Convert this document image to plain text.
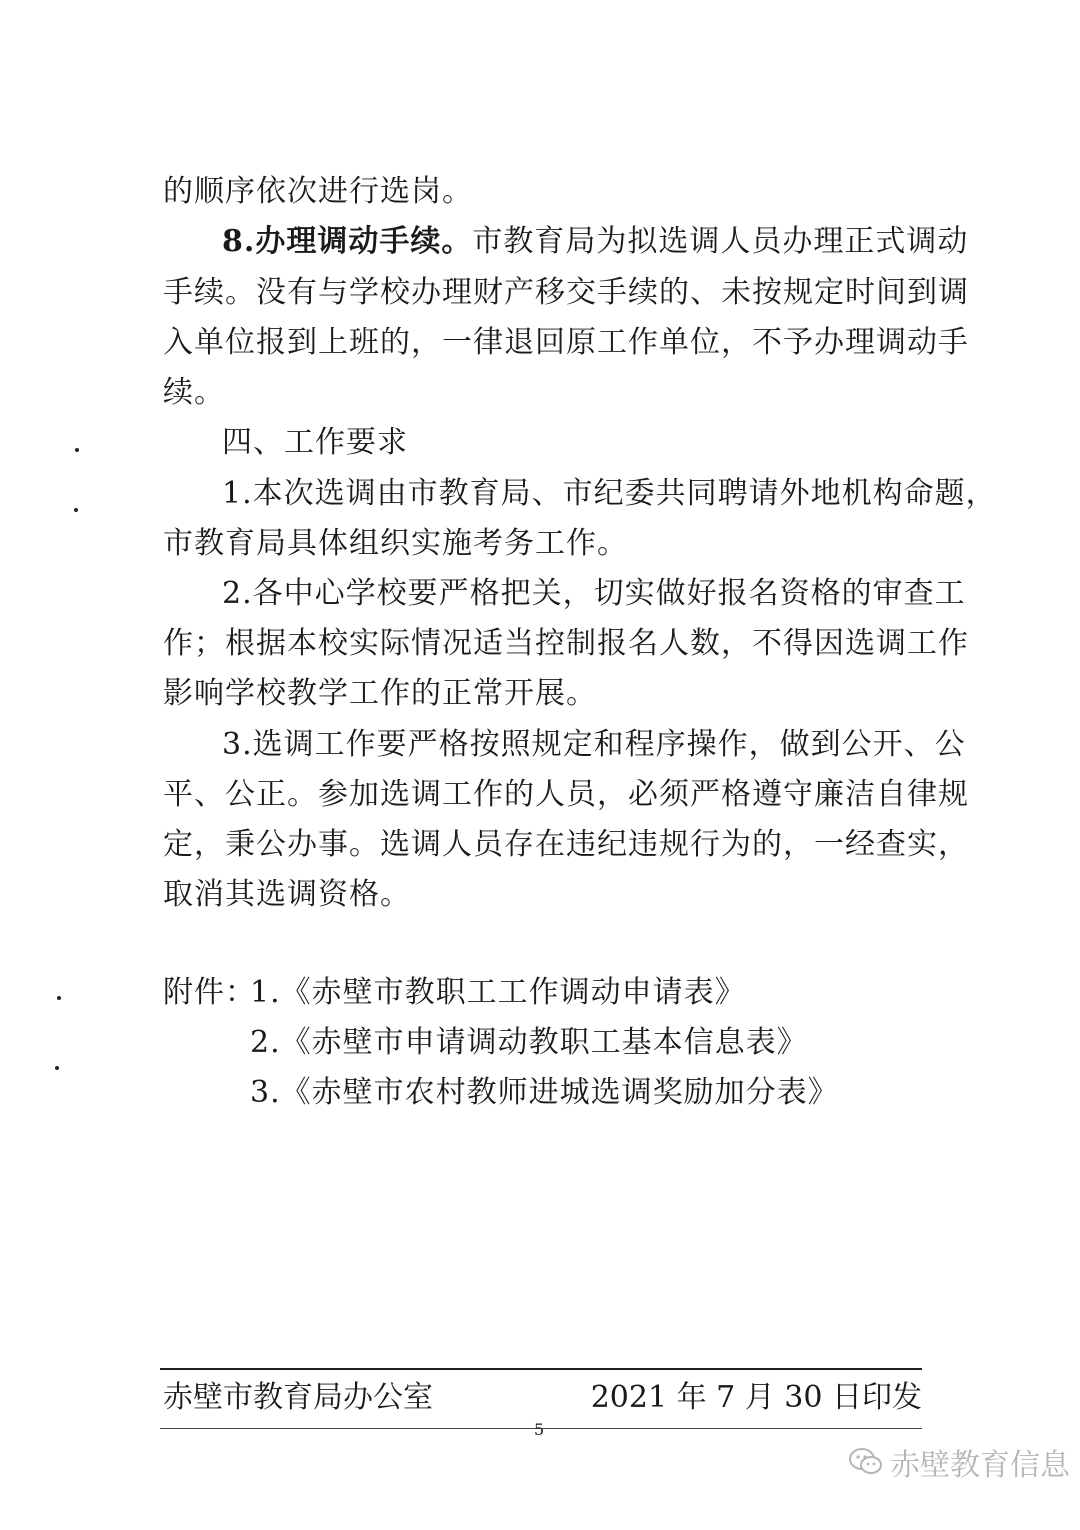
的顺序依次进行选岗。
8.办理调动手续。市教育局为拟选调人员办理正式调动
手续。没有与学校办理财产移交手续的、未按规定时间到调
入单位报到上班的，一律退回原工作单位，不予办理调动手
续。
四、工作要求
1.本次选调由市教育局、市纪委共同聘请外地机构命题，
市教育局具体组织实施考务工作。
2.各中心学校要严格把关，切实做好报名资格的审查工
作；根据本校实际情况适当控制报名人数，不得因选调工作
影响学校教学工作的正常开展。
3.选调工作要严格按照规定和程序操作，做到公开、公
平、公正。参加选调工作的人员，必须严格遵守廉洁自律规
定，秉公办事。选调人员存在违纪违规行为的，一经查实，
取消其选调资格。
附件：
1.《赤壁市教职工工作调动申请表》
2.《赤壁市申请调动教职工基本信息表》
3.《赤壁市农村教师进城选调奖励加分表》
赤壁市教育局办公室	2021 年 7 月 30 日印发
5
赤壁教育信息
